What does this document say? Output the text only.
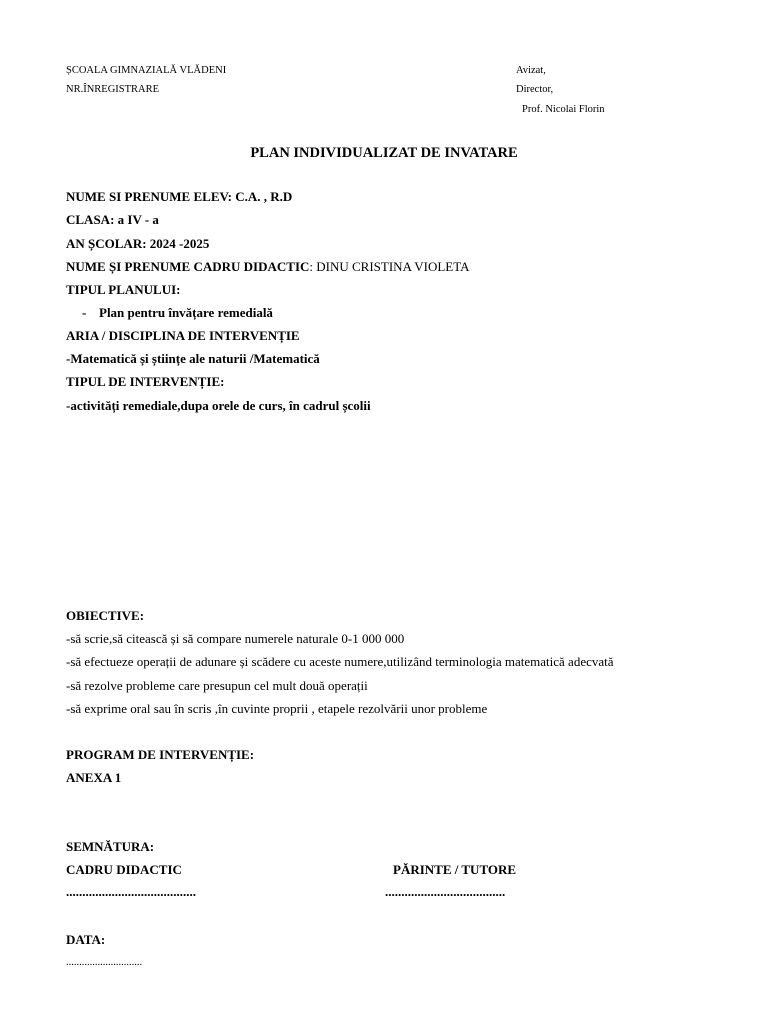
ȘCOALA GIMNAZIALĂ VLĂDENI
NR.ÎNREGISTRARE
Avizat,
Director,
Prof. Nicolai Florin
PLAN INDIVIDUALIZAT DE INVATARE
NUME SI PRENUME ELEV: C.A. , R.D
CLASA: a IV - a
AN ȘCOLAR: 2024 -2025
NUME ȘI PRENUME CADRU DIDACTIC: DINU CRISTINA VIOLETA
TIPUL PLANULUI:
- Plan pentru învățare remedială
ARIA / DISCIPLINA DE INTERVENȚIE
-Matematică și științe ale naturii /Matematică
TIPUL DE INTERVENȚIE:
-activități remediale,dupa orele de curs, în cadrul școlii
OBIECTIVE:
-să scrie,să citească și să compare numerele naturale 0-1 000 000
-să efectueze operații de adunare și scădere cu aceste numere,utilizând terminologia matematică adecvată
-să rezolve probleme care presupun cel mult două operații
-să exprime oral sau în scris ,în cuvinte proprii , etapele rezolvării unor probleme
PROGRAM DE INTERVENȚIE:
ANEXA 1
SEMNĂTURA:
CADRU DIDACTIC	PĂRINTE / TUTORE
........................................	.....................................
DATA:
.............................
